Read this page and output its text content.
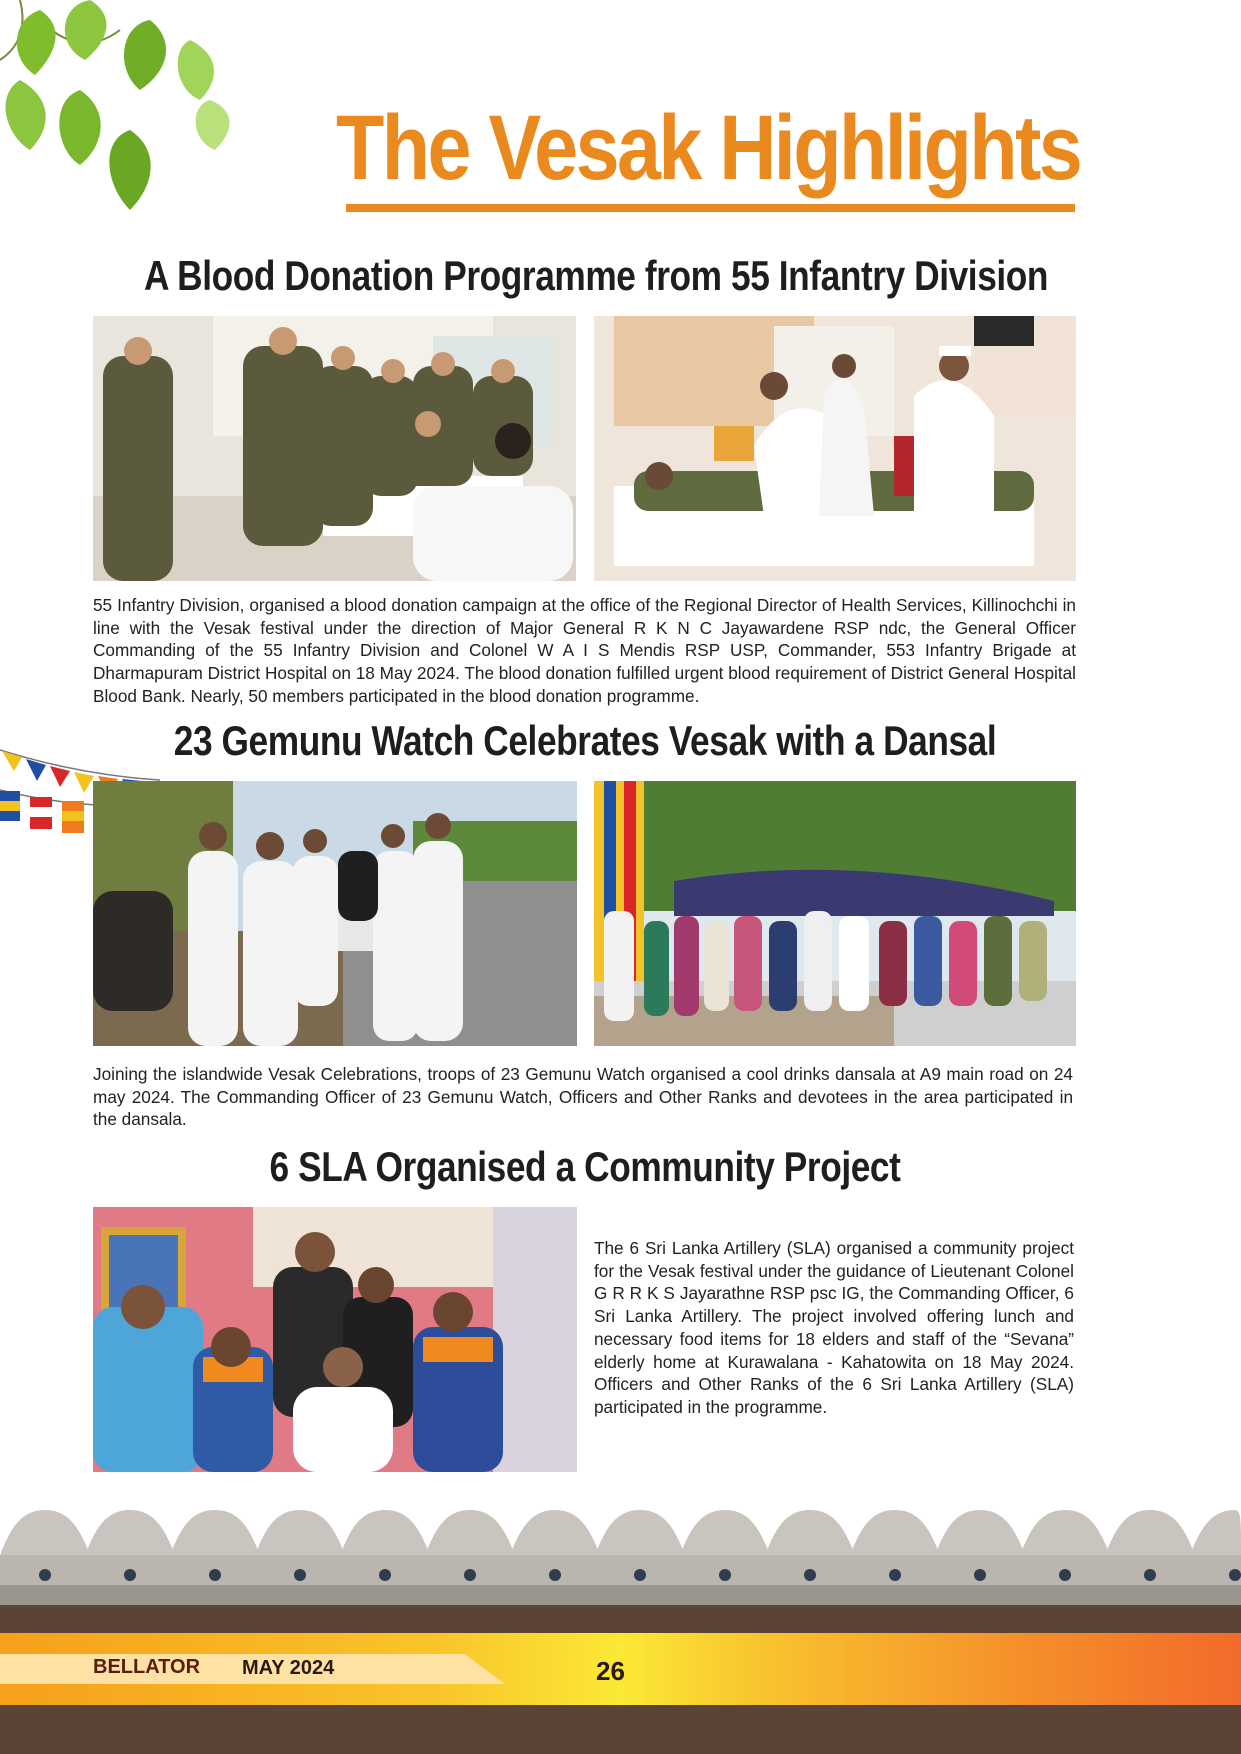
The Vesak Highlights
A Blood Donation Programme from 55 Infantry Division

55 Infantry Division, organised a blood donation campaign at the office of the Regional Director of Health Services, Killinochchi in line with the Vesak festival under the direction of Major General R K N C Jayawardene RSP ndc, the General Officer Commanding of the 55 Infantry Division and Colonel W A I S Mendis RSP USP, Commander, 553 Infantry Brigade at Dharmapuram District Hospital on 18 May 2024. The blood donation fulfilled urgent blood requirement of District General Hospital Blood Bank. Nearly, 50 members participated in the blood donation programme.

23 Gemunu Watch Celebrates Vesak with a Dansal

Joining the islandwide Vesak Celebrations, troops of 23 Gemunu Watch organised a cool drinks dansala at A9 main road on 24 may 2024. The Commanding Officer of 23 Gemunu Watch, Officers and Other Ranks and devotees in the area participated in the dansala.

6 SLA Organised a Community Project

The 6 Sri Lanka Artillery (SLA) organised a community project for the Vesak festival under the guidance of Lieutenant Colonel G R R K S Jayarathne RSP psc IG, the Commanding Officer, 6 Sri Lanka Artillery. The project involved offering lunch and necessary food items for 18 elders and staff of the “Sevana” elderly home at Kurawalana - Kahatowita on 18 May 2024. Officers and Other Ranks of the 6 Sri Lanka Artillery (SLA) participated in the programme.

BELLATOR MAY 2024	26
